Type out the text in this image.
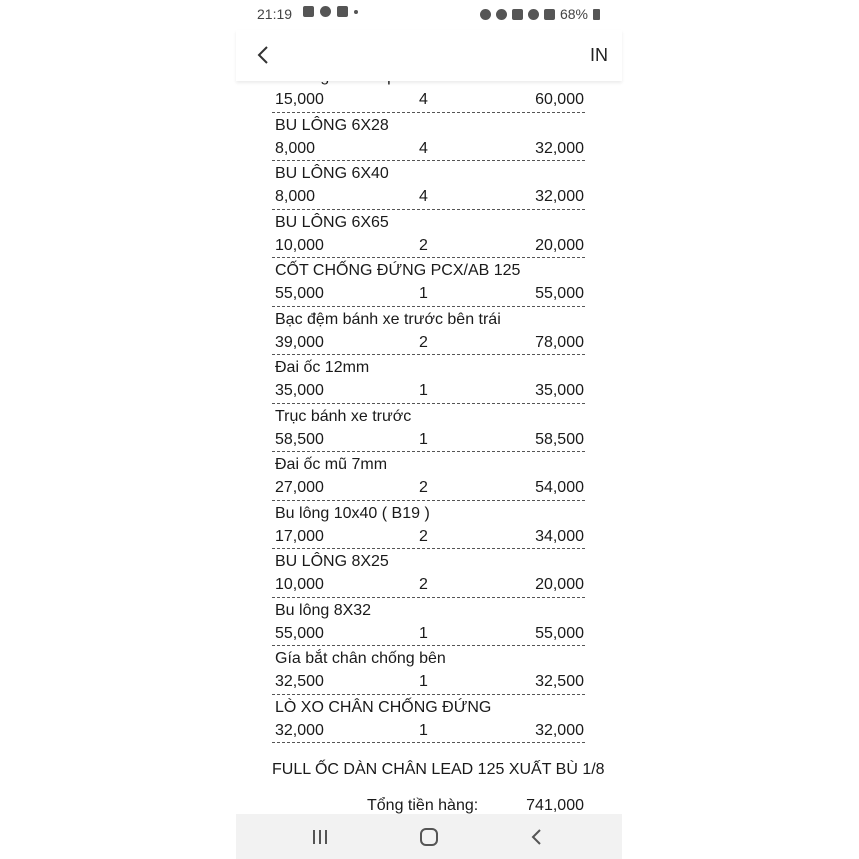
21:19	68%
IN
15,000	4	60,000
BU LÔNG 6X28
8,000	4	32,000
BU LÔNG 6X40
8,000	4	32,000
BU LÔNG 6X65
10,000	2	20,000
CỐT CHỐNG ĐỨNG PCX/AB 125
55,000	1	55,000
Bạc đệm bánh xe trước bên trái
39,000	2	78,000
Đai ốc 12mm
35,000	1	35,000
Trục bánh xe trước
58,500	1	58,500
Đai ốc mũ 7mm
27,000	2	54,000
Bu lông 10x40 ( B19 )
17,000	2	34,000
BU LÔNG 8X25
10,000	2	20,000
Bu lông 8X32
55,000	1	55,000
Gía bắt chân chống bên
32,500	1	32,500
LÒ XO CHÂN CHỐNG ĐỨNG
32,000	1	32,000
FULL ỐC DÀN CHÂN LEAD 125 XUẤT BÙ 1/8
Tổng tiền hàng:	741,000
